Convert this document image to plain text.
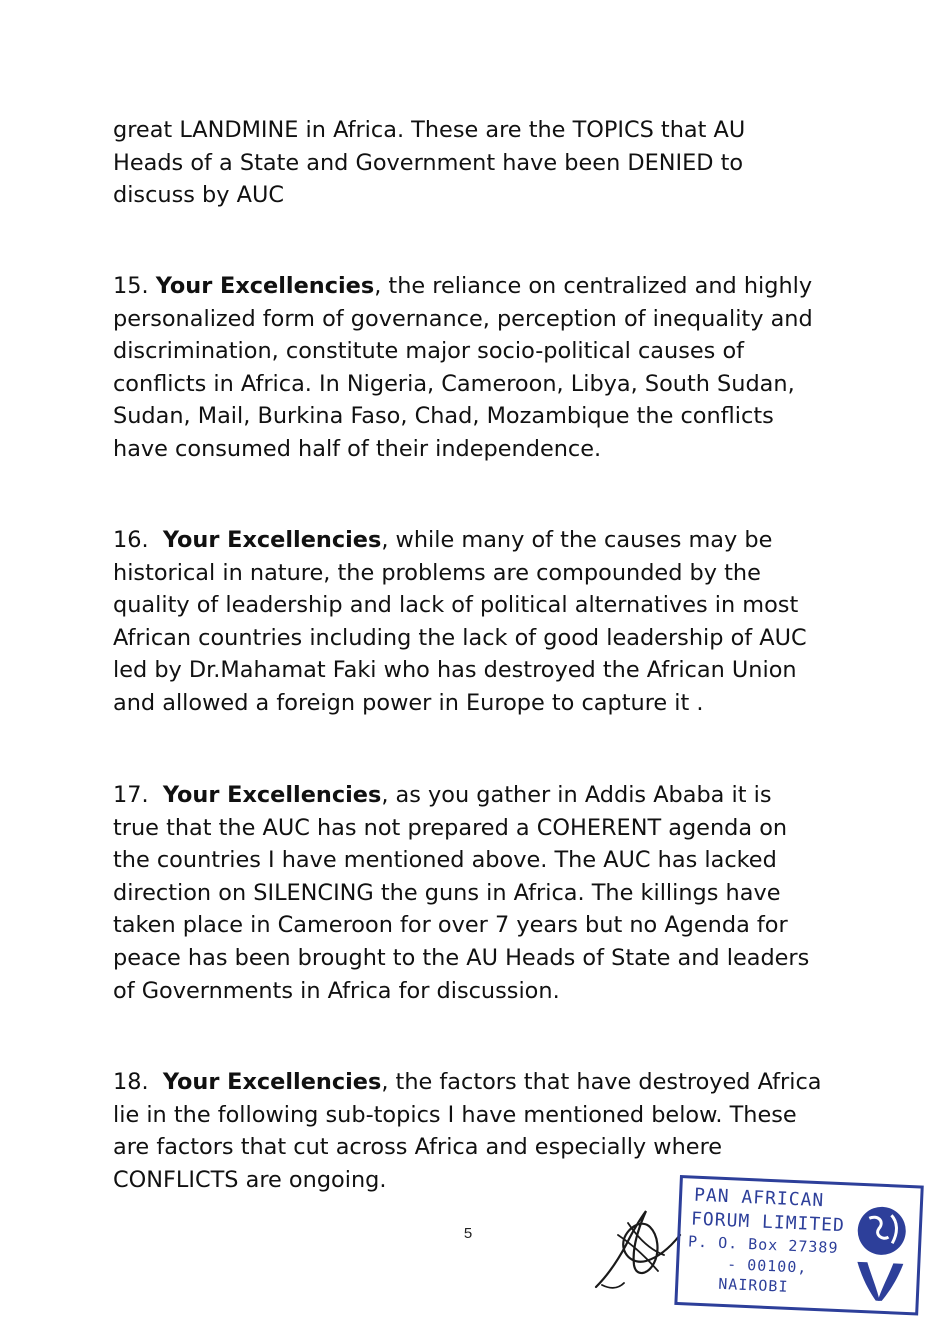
great LANDMINE in Africa. These are the TOPICS that AU
Heads of a State and Government have been DENIED to
discuss by AUC

15. Your Excellencies, the reliance on centralized and highly
personalized form of governance, perception of inequality and
discrimination, constitute major socio-political causes of
conflicts in Africa. In Nigeria, Cameroon, Libya, South Sudan,
Sudan, Mail, Burkina Faso, Chad, Mozambique the conflicts
have consumed half of their independence.

16. Your Excellencies, while many of the causes may be
historical in nature, the problems are compounded by the
quality of leadership and lack of political alternatives in most
African countries including the lack of good leadership of AUC
led by Dr.Mahamat Faki who has destroyed the African Union
and allowed a foreign power in Europe to capture it .

17. Your Excellencies, as you gather in Addis Ababa it is
true that the AUC has not prepared a COHERENT agenda on
the countries I have mentioned above. The AUC has lacked
direction on SILENCING the guns in Africa. The killings have
taken place in Cameroon for over 7 years but no Agenda for
peace has been brought to the AU Heads of State and leaders
of Governments in Africa for discussion.

18. Your Excellencies, the factors that have destroyed Africa
lie in the following sub-topics I have mentioned below. These
are factors that cut across Africa and especially where
CONFLICTS are ongoing.

5
PAN AFRICAN
FORUM LIMITED
P. O. Box 27389
- 00100,
NAIROBI
